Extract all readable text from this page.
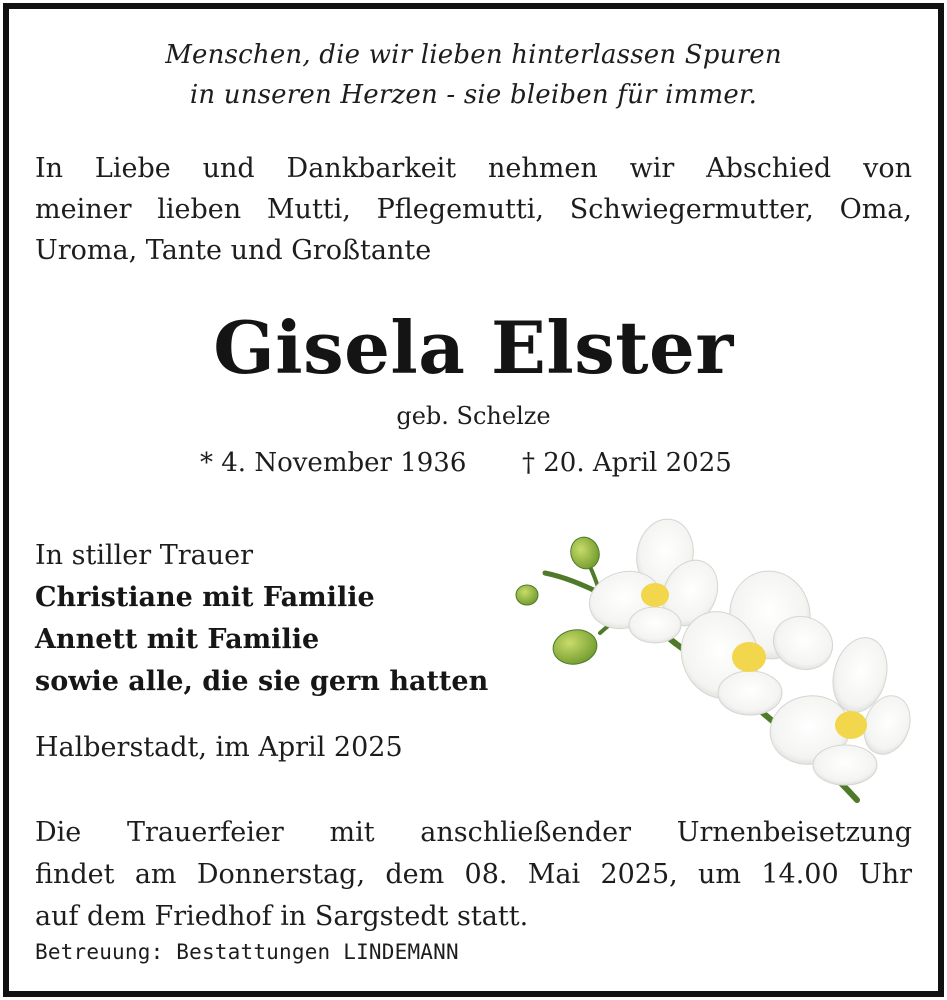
Menschen, die wir lieben hinterlassen Spuren
in unseren Herzen - sie bleiben für immer.
In Liebe und Dankbarkeit nehmen wir Abschied von
meiner lieben Mutti, Pflegemutti, Schwiegermutter, Oma,
Uroma, Tante und Großtante
Gisela Elster
geb. Schelze
* 4. November 1936 † 20. April 2025
In stiller Trauer
Christiane mit Familie
Annett mit Familie
sowie alle, die sie gern hatten
Halberstadt, im April 2025
Die Trauerfeier mit anschließender Urnenbeisetzung
findet am Donnerstag, dem 08. Mai 2025, um 14.00 Uhr
auf dem Friedhof in Sargstedt statt.
Betreuung: Bestattungen LINDEMANN
